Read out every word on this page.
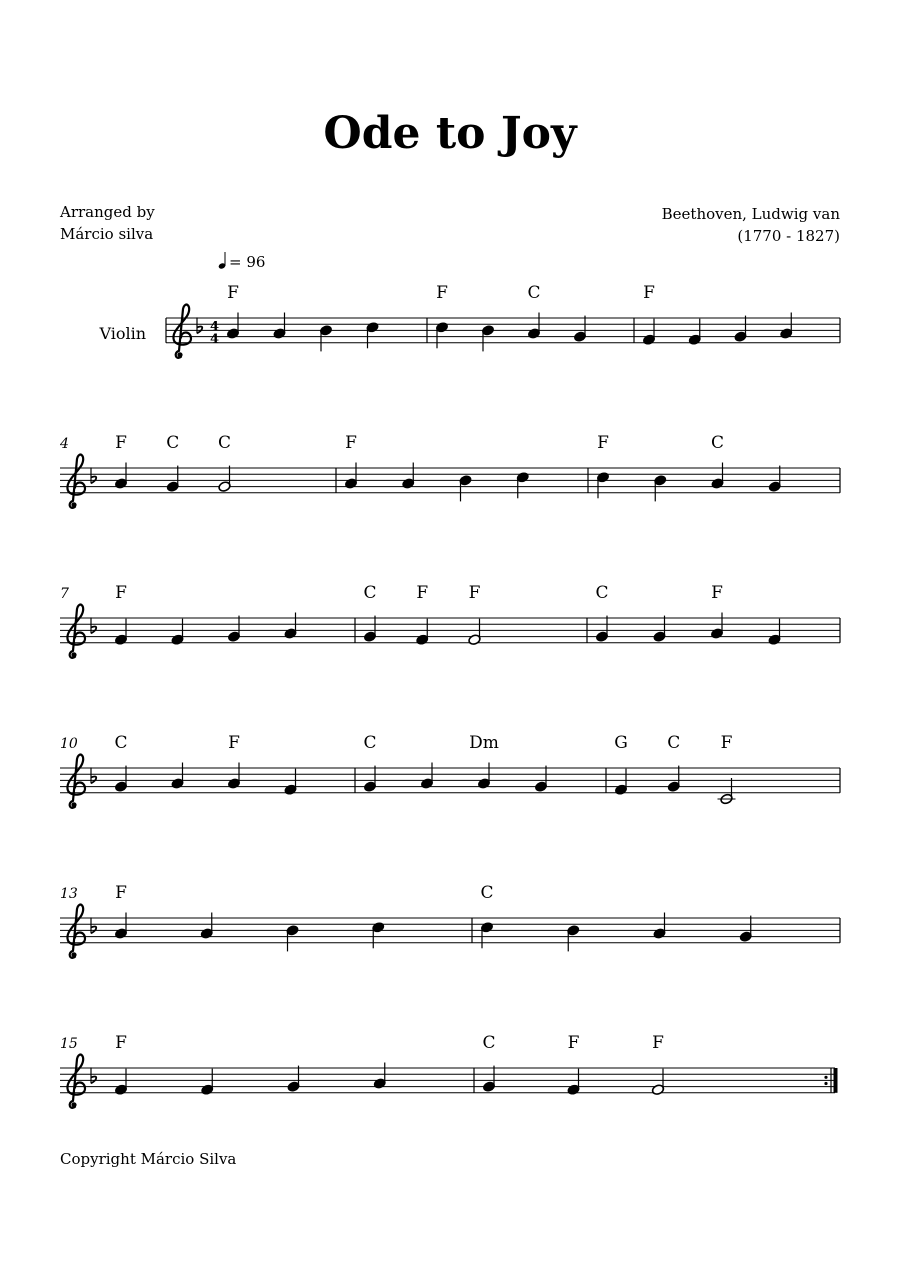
Ode to Joy
Arranged by
Márcio silva
Beethoven, Ludwig van
(1770 - 1827)
4
4
Violin
= 96
F	F	C	F
4	F C C	F	F	C
7	F	C F F	C	F
10 C	F	C	Dm	G C F
13 F	C
15 F	C	F	F
Copyright Márcio Silva
